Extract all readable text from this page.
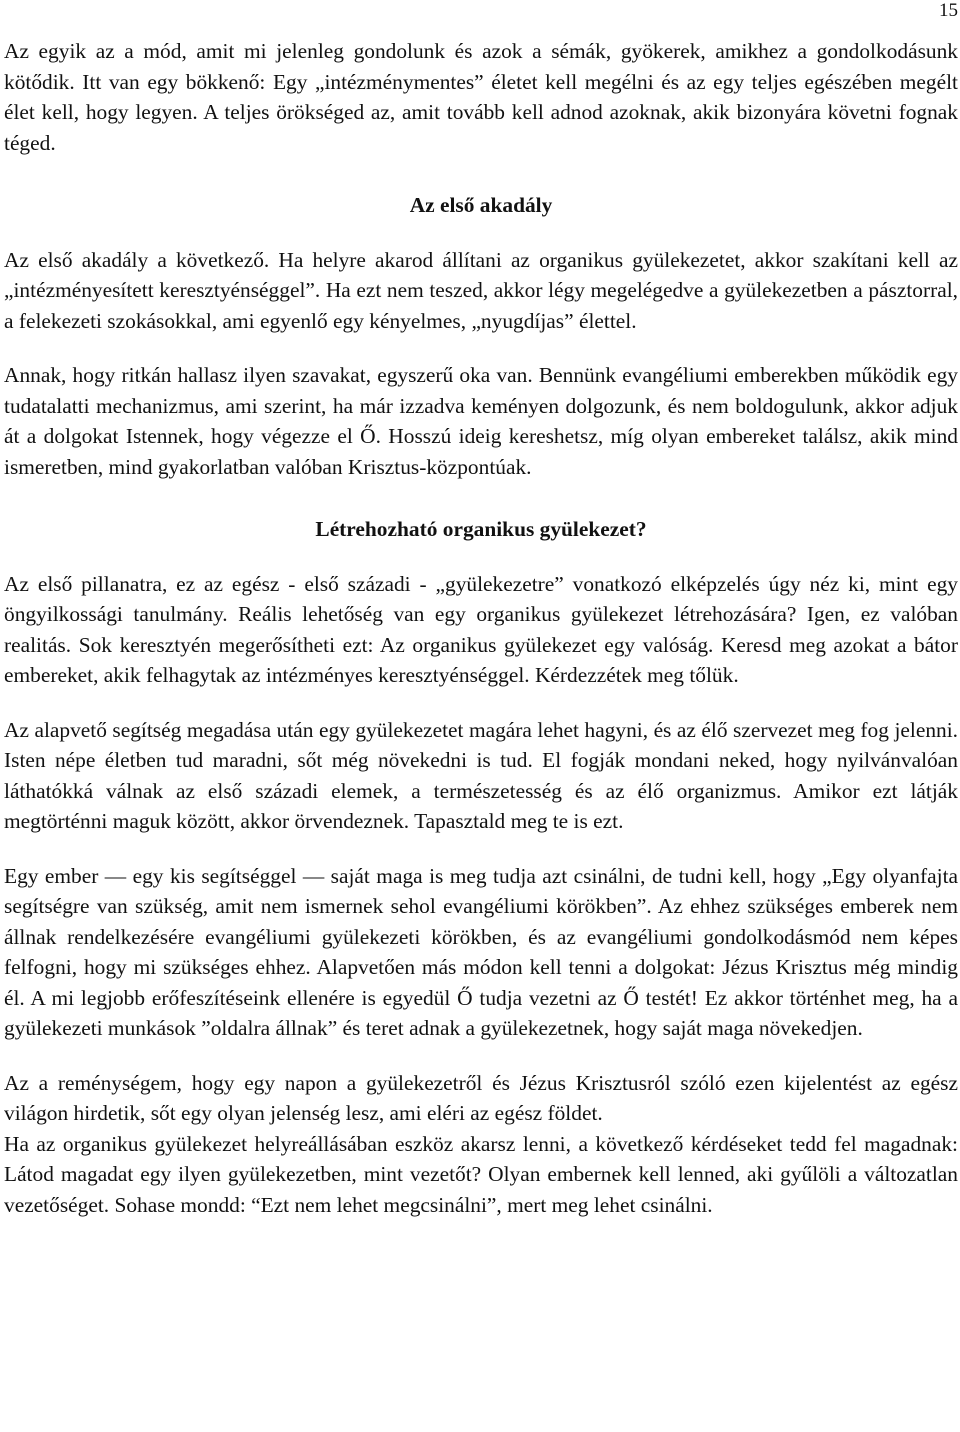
15

Az egyik az a mód, amit mi jelenleg gondolunk és azok a sémák, gyökerek, amikhez a gondolkodásunk kötődik. Itt van egy bökkenő: Egy „intézménymentes” életet kell megélni és az egy teljes egészében megélt élet kell, hogy legyen. A teljes örökséged az, amit tovább kell adnod azoknak, akik bizonyára követni fognak téged.

Az első akadály

Az első akadály a következő. Ha helyre akarod állítani az organikus gyülekezetet, akkor szakítani kell az „intézményesített keresztyénséggel”. Ha ezt nem teszed, akkor légy megelégedve a gyülekezetben a pásztorral, a felekezeti szokásokkal, ami egyenlő egy kényelmes, „nyugdíjas” élettel.

Annak, hogy ritkán hallasz ilyen szavakat, egyszerű oka van. Bennünk evangéliumi emberekben működik egy tudatalatti mechanizmus, ami szerint, ha már izzadva keményen dolgozunk, és nem boldogulunk, akkor adjuk át a dolgokat Istennek, hogy végezze el Ő. Hosszú ideig kereshetsz, míg olyan embereket találsz, akik mind ismeretben, mind gyakorlatban valóban Krisztus-központúak.

Létrehozható organikus gyülekezet?

Az első pillanatra, ez az egész - első századi - „gyülekezetre” vonatkozó elképzelés úgy néz ki, mint egy öngyilkossági tanulmány. Reális lehetőség van egy organikus gyülekezet létrehozására? Igen, ez valóban realitás. Sok keresztyén megerősítheti ezt: Az organikus gyülekezet egy valóság. Keresd meg azokat a bátor embereket, akik felhagytak az intézményes keresztyénséggel. Kérdezzétek meg tőlük.

Az alapvető segítség megadása után egy gyülekezetet magára lehet hagyni, és az élő szervezet meg fog jelenni. Isten népe életben tud maradni, sőt még növekedni is tud. El fogják mondani neked, hogy nyilvánvalóan láthatókká válnak az első századi elemek, a természetesség és az élő organizmus. Amikor ezt látják megtörténni maguk között, akkor örvendeznek. Tapasztald meg te is ezt.

Egy ember — egy kis segítséggel — saját maga is meg tudja azt csinálni, de tudni kell, hogy „Egy olyanfajta segítségre van szükség, amit nem ismernek sehol evangéliumi körökben”. Az ehhez szükséges emberek nem állnak rendelkezésére evangéliumi gyülekezeti körökben, és az evangéliumi gondolkodásmód nem képes felfogni, hogy mi szükséges ehhez. Alapvetően más módon kell tenni a dolgokat: Jézus Krisztus még mindig él. A mi legjobb erőfeszítéseink ellenére is egyedül Ő tudja vezetni az Ő testét! Ez akkor történhet meg, ha a gyülekezeti munkások ”oldalra állnak” és teret adnak a gyülekezetnek, hogy saját maga növekedjen.

Az a reménységem, hogy egy napon a gyülekezetről és Jézus Krisztusról szóló ezen kijelentést az egész világon hirdetik, sőt egy olyan jelenség lesz, ami eléri az egész földet.

Ha az organikus gyülekezet helyreállásában eszköz akarsz lenni, a következő kérdéseket tedd fel magadnak: Látod magadat egy ilyen gyülekezetben, mint vezetőt? Olyan embernek kell lenned, aki gyűlöli a változatlan vezetőséget. Sohase mondd: “Ezt nem lehet megcsinálni”, mert meg lehet csinálni.
